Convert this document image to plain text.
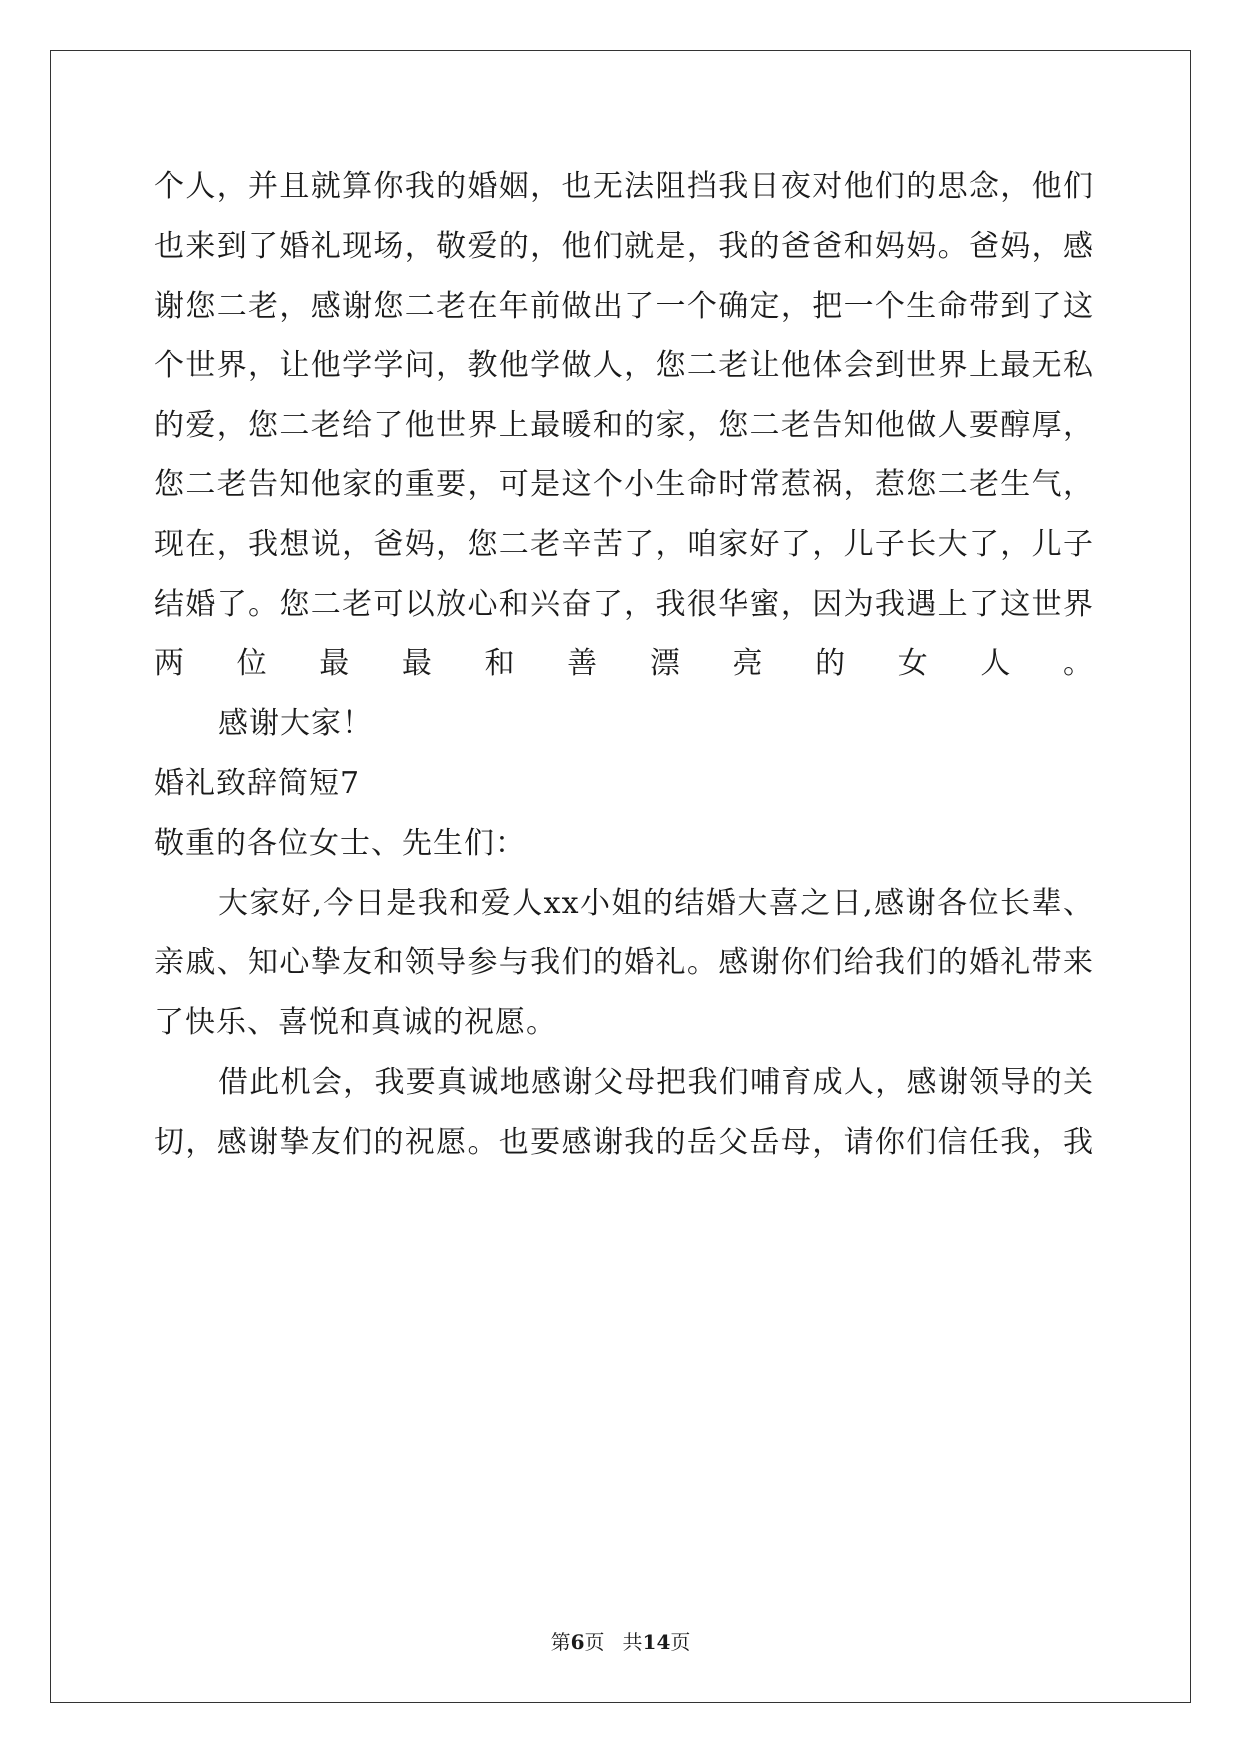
个人，并且就算你我的婚姻，也无法阻挡我日夜对他们的思念，他们
也来到了婚礼现场，敬爱的，他们就是，我的爸爸和妈妈。爸妈，感
谢您二老，感谢您二老在年前做出了一个确定，把一个生命带到了这
个世界，让他学学问，教他学做人，您二老让他体会到世界上最无私
的爱，您二老给了他世界上最暖和的家，您二老告知他做人要醇厚，
您二老告知他家的重要，可是这个小生命时常惹祸，惹您二老生气，
现在，我想说，爸妈，您二老辛苦了，咱家好了，儿子长大了，儿子
结婚了。您二老可以放心和兴奋了，我很华蜜，因为我遇上了这世界
两位最最和善漂亮的女人。
感谢大家！
婚礼致辞简短7
敬重的各位女士、先生们：
大家好,今日是我和爱人xx小姐的结婚大喜之日,感谢各位长辈、
亲戚、知心挚友和领导参与我们的婚礼。感谢你们给我们的婚礼带来
了快乐、喜悦和真诚的祝愿。
借此机会，我要真诚地感谢父母把我们哺育成人，感谢领导的关
切，感谢挚友们的祝愿。也要感谢我的岳父岳母，请你们信任我，我
第6页 共14页
